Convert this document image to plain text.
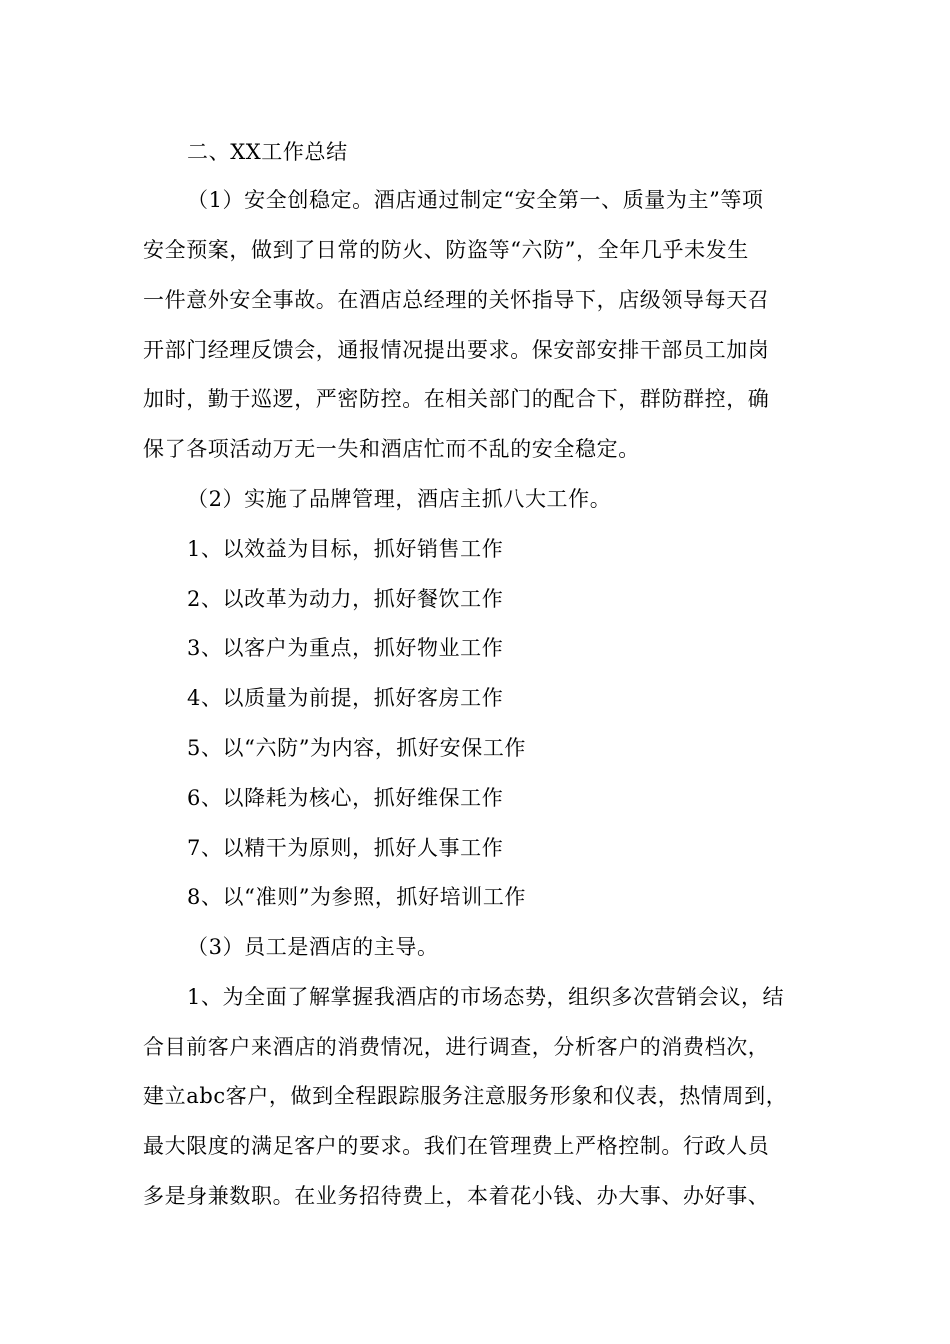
二、XX工作总结
（1）安全创稳定。酒店通过制定“安全第一、质量为主”等项
安全预案，做到了日常的防火、防盗等“六防”，全年几乎未发生
一件意外安全事故。在酒店总经理的关怀指导下，店级领导每天召
开部门经理反馈会，通报情况提出要求。保安部安排干部员工加岗
加时，勤于巡逻，严密防控。在相关部门的配合下，群防群控，确
保了各项活动万无一失和酒店忙而不乱的安全稳定。
（2）实施了品牌管理，酒店主抓八大工作。
1、以效益为目标，抓好销售工作
2、以改革为动力，抓好餐饮工作
3、以客户为重点，抓好物业工作
4、以质量为前提，抓好客房工作
5、以“六防”为内容，抓好安保工作
6、以降耗为核心，抓好维保工作
7、以精干为原则，抓好人事工作
8、以“准则”为参照，抓好培训工作
（3）员工是酒店的主导。
1、为全面了解掌握我酒店的市场态势，组织多次营销会议，结
合目前客户来酒店的消费情况，进行调查，分析客户的消费档次，
建立abc客户，做到全程跟踪服务注意服务形象和仪表，热情周到，
最大限度的满足客户的要求。我们在管理费上严格控制。行政人员
多是身兼数职。在业务招待费上，本着花小钱、办大事、办好事、
